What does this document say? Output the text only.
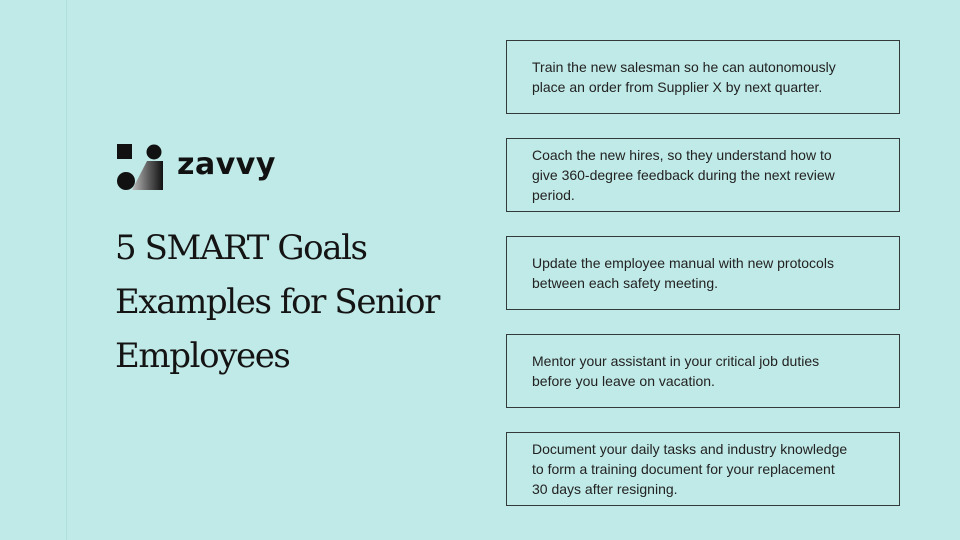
zavvy
5 SMART Goals
Examples for Senior
Employees
Train the new salesman so he can autonomously
place an order from Supplier X by next quarter.
Coach the new hires, so they understand how to
give 360-degree feedback during the next review
period.
Update the employee manual with new protocols
between each safety meeting.
Mentor your assistant in your critical job duties
before you leave on vacation.
Document your daily tasks and industry knowledge
to form a training document for your replacement
30 days after resigning.
